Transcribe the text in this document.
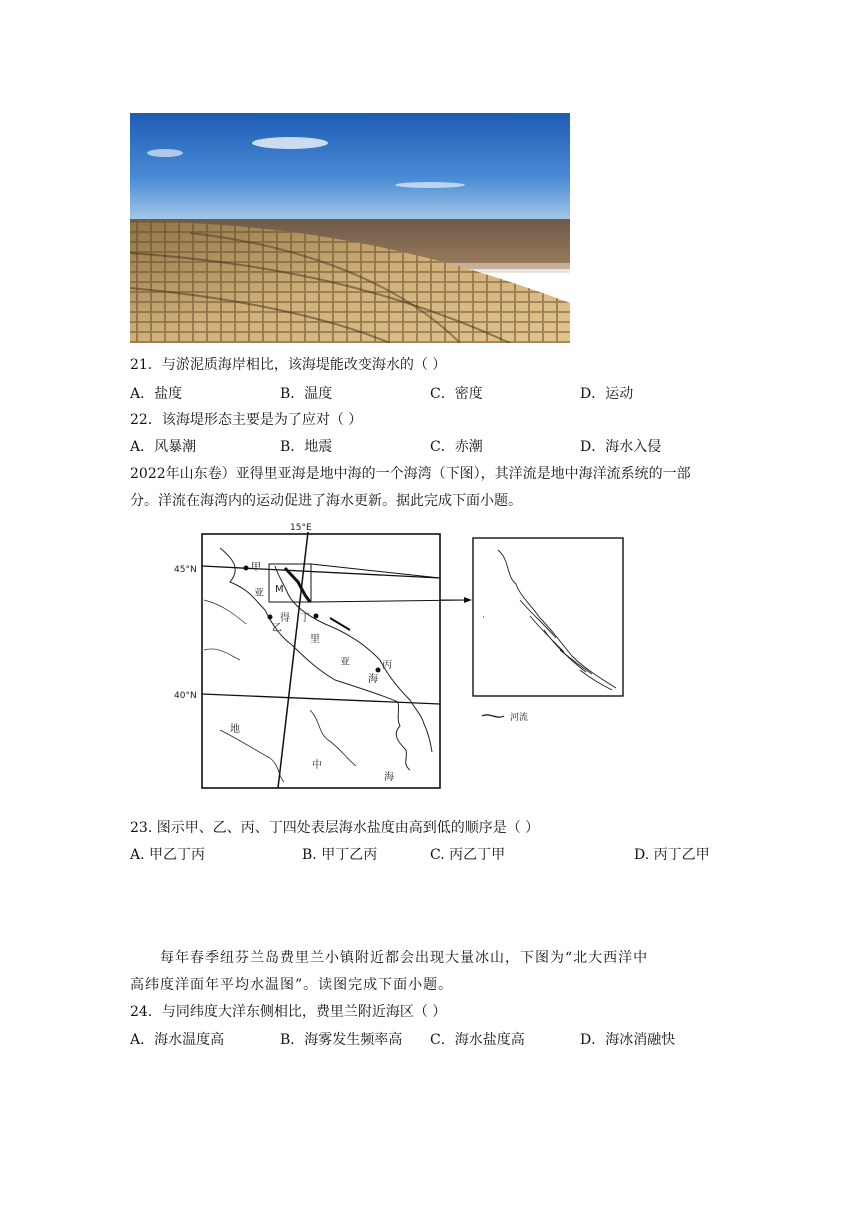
21．与淤泥质海岸相比，该海堤能改变海水的（ ）
A．盐度	B．温度	C．密度	D．运动
22．该海堤形态主要是为了应对（ ）
A．风暴潮	B．地震	C．赤潮	D．海水入侵
2022年山东卷）亚得里亚海是地中海的一个海湾（下图），其洋流是地中海洋流系统的一部
分。洋流在海湾内的运动促进了海水更新。据此完成下面小题。
15°E
45°N
40°N
M
·
甲
乙
丙
丁
亚
得
里
亚
海
地
中
海
河流
23. 图示甲、乙、丙、丁四处表层海水盐度由高到低的顺序是（ ）
A. 甲乙丁丙	B. 甲丁乙丙	C. 丙乙丁甲	D. 丙丁乙甲
每年春季纽芬兰岛费里兰小镇附近都会出现大量冰山，下图为“北大西洋中
高纬度洋面年平均水温图”。读图完成下面小题。
24．与同纬度大洋东侧相比，费里兰附近海区（ ）
A．海水温度高	B．海雾发生频率高 C．海水盐度高	D．海冰消融快
